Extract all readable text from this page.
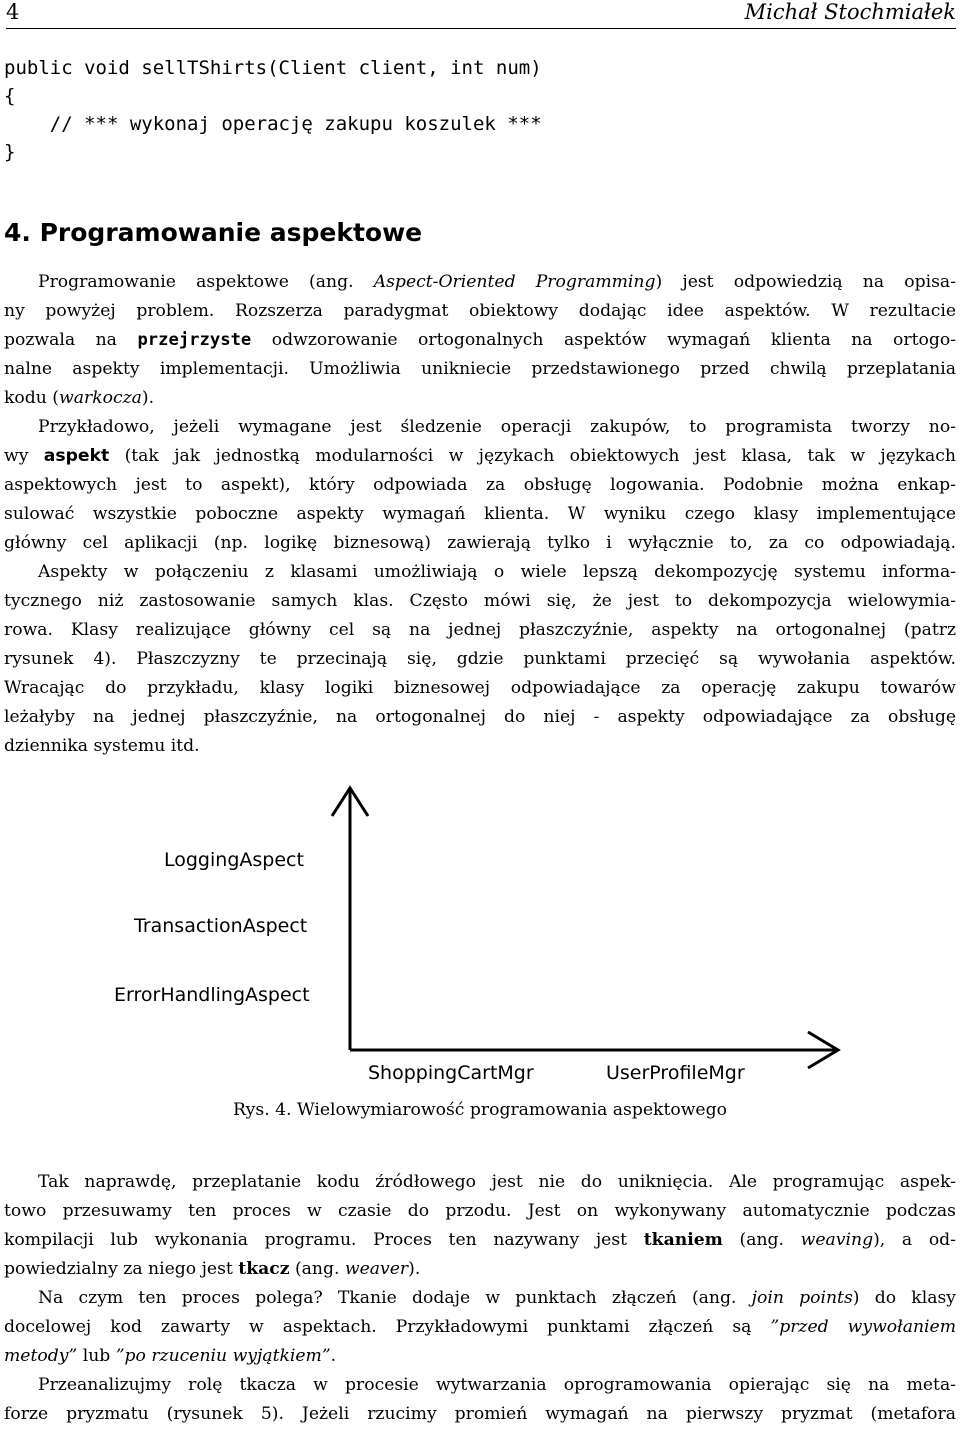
4	Michał Stochmiałek
public void sellTShirts(Client client, int num)
{
// *** wykonaj operację zakupu koszulek ***
}
4. Programowanie aspektowe
Programowanie aspektowe (ang. Aspect-Oriented Programming) jest odpowiedzią na opisa-
ny powyżej problem. Rozszerza paradygmat obiektowy dodając idee aspektów. W rezultacie
pozwala na przejrzyste odwzorowanie ortogonalnych aspektów wymagań klienta na ortogo-
nalne aspekty implementacji. Umożliwia unikniecie przedstawionego przed chwilą przeplatania
kodu (warkocza).
Przykładowo, jeżeli wymagane jest śledzenie operacji zakupów, to programista tworzy no-
wy aspekt (tak jak jednostką modularności w językach obiektowych jest klasa, tak w językach
aspektowych jest to aspekt), który odpowiada za obsługę logowania. Podobnie można enkap-
sulować wszystkie poboczne aspekty wymagań klienta. W wyniku czego klasy implementujące
główny cel aplikacji (np. logikę biznesową) zawierają tylko i wyłącznie to, za co odpowiadają.
Aspekty w połączeniu z klasami umożliwiają o wiele lepszą dekompozycję systemu informa-
tycznego niż zastosowanie samych klas. Często mówi się, że jest to dekompozycja wielowymia-
rowa. Klasy realizujące główny cel są na jednej płaszczyźnie, aspekty na ortogonalnej (patrz
rysunek 4). Płaszczyzny te przecinają się, gdzie punktami przecięć są wywołania aspektów.
Wracając do przykładu, klasy logiki biznesowej odpowiadające za operację zakupu towarów
leżałyby na jednej płaszczyźnie, na ortogonalnej do niej - aspekty odpowiadające za obsługę
dziennika systemu itd.
LoggingAspect
TransactionAspect
ErrorHandlingAspect
ShoppingCartMgr	UserProfileMgr
Rys. 4. Wielowymiarowość programowania aspektowego
Tak naprawdę, przeplatanie kodu źródłowego jest nie do uniknięcia. Ale programując aspek-
towo przesuwamy ten proces w czasie do przodu. Jest on wykonywany automatycznie podczas
kompilacji lub wykonania programu. Proces ten nazywany jest tkaniem (ang. weaving), a od-
powiedzialny za niego jest tkacz (ang. weaver).
Na czym ten proces polega? Tkanie dodaje w punktach złączeń (ang. join points) do klasy
docelowej kod zawarty w aspektach. Przykładowymi punktami złączeń są ”przed wywołaniem
metody” lub ”po rzuceniu wyjątkiem”.
Przeanalizujmy rolę tkacza w procesie wytwarzania oprogramowania opierając się na meta-
forze pryzmatu (rysunek 5). Jeżeli rzucimy promień wymagań na pierwszy pryzmat (metafora
